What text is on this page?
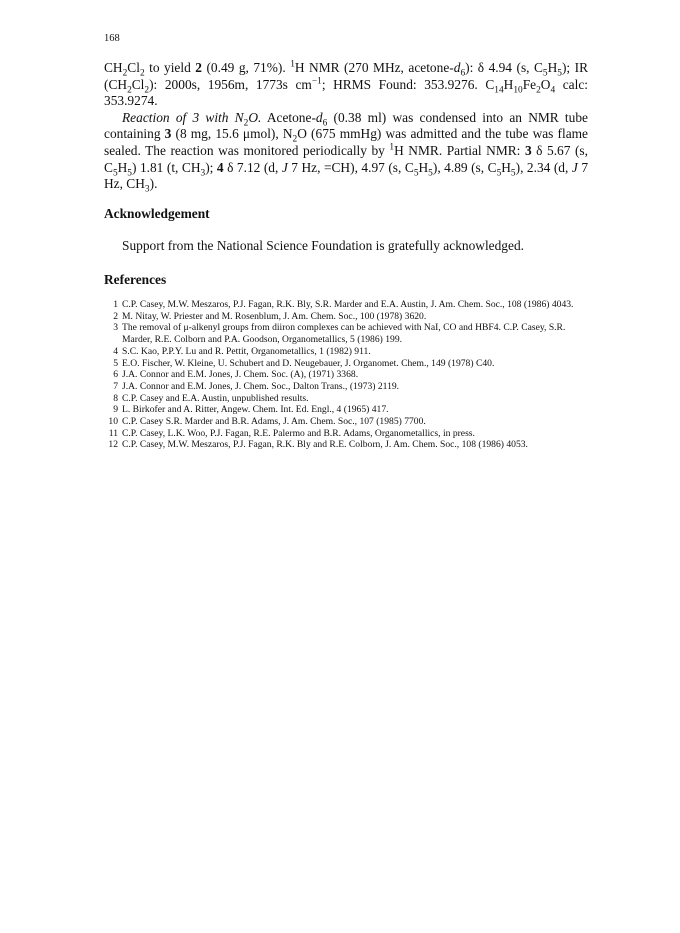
168

$CH_2Cl_2$ to yield 2 (0.49 g, 71%). $^1$H NMR (270 MHz, acetone-$d_6$): δ 4.94 (s, $C_5H_5$); IR $(CH_2Cl_2)$: 2000s, 1956m, 1773s $cm^{-1}$; HRMS Found: 353.9276. $C_{14}H_{10}Fe_2O_4$ calc: 353.9274.

Reaction of 3 with $N_2O$. Acetone-$d_6$ (0.38 ml) was condensed into an NMR tube containing 3 (8 mg, 15.6 μmol), $N_2O$ (675 mmHg) was admitted and the tube was flame sealed. The reaction was monitored periodically by $^1$H NMR. Partial NMR: 3 δ 5.67 (s, $C_5H_5$) 1.81 (t, $CH_3$); 4 δ 7.12 (d, J 7 Hz, =CH), 4.97 (s, $C_5H_5$), 4.89 (s, $C_5H_5$), 2.34 (d, J 7 Hz, $CH_3$).

Acknowledgement
Support from the National Science Foundation is gratefully acknowledged.
References
1 C.P. Casey, M.W. Meszaros, P.J. Fagan, R.K. Bly, S.R. Marder and E.A. Austin, J. Am. Chem. Soc., 108 (1986) 4043.
2 M. Nitay, W. Priester and M. Rosenblum, J. Am. Chem. Soc., 100 (1978) 3620.
3 The removal of μ-alkenyl groups from diiron complexes can be achieved with NaI, CO and HBF4. C.P. Casey, S.R. Marder, R.E. Colborn and P.A. Goodson, Organometallics, 5 (1986) 199.
4 S.C. Kao, P.P.Y. Lu and R. Pettit, Organometallics, 1 (1982) 911.
5 E.O. Fischer, W. Kleine, U. Schubert and D. Neugebauer, J. Organomet. Chem., 149 (1978) C40.
6 J.A. Connor and E.M. Jones, J. Chem. Soc. (A), (1971) 3368.
7 J.A. Connor and E.M. Jones, J. Chem. Soc., Dalton Trans., (1973) 2119.
8 C.P. Casey and E.A. Austin, unpublished results.
9 L. Birkofer and A. Ritter, Angew. Chem. Int. Ed. Engl., 4 (1965) 417.
10 C.P. Casey S.R. Marder and B.R. Adams, J. Am. Chem. Soc., 107 (1985) 7700.
11 C.P. Casey, L.K. Woo, P.J. Fagan, R.E. Palermo and B.R. Adams, Organometallics, in press.
12 C.P. Casey, M.W. Meszaros, P.J. Fagan, R.K. Bly and R.E. Colborn, J. Am. Chem. Soc., 108 (1986) 4053.
